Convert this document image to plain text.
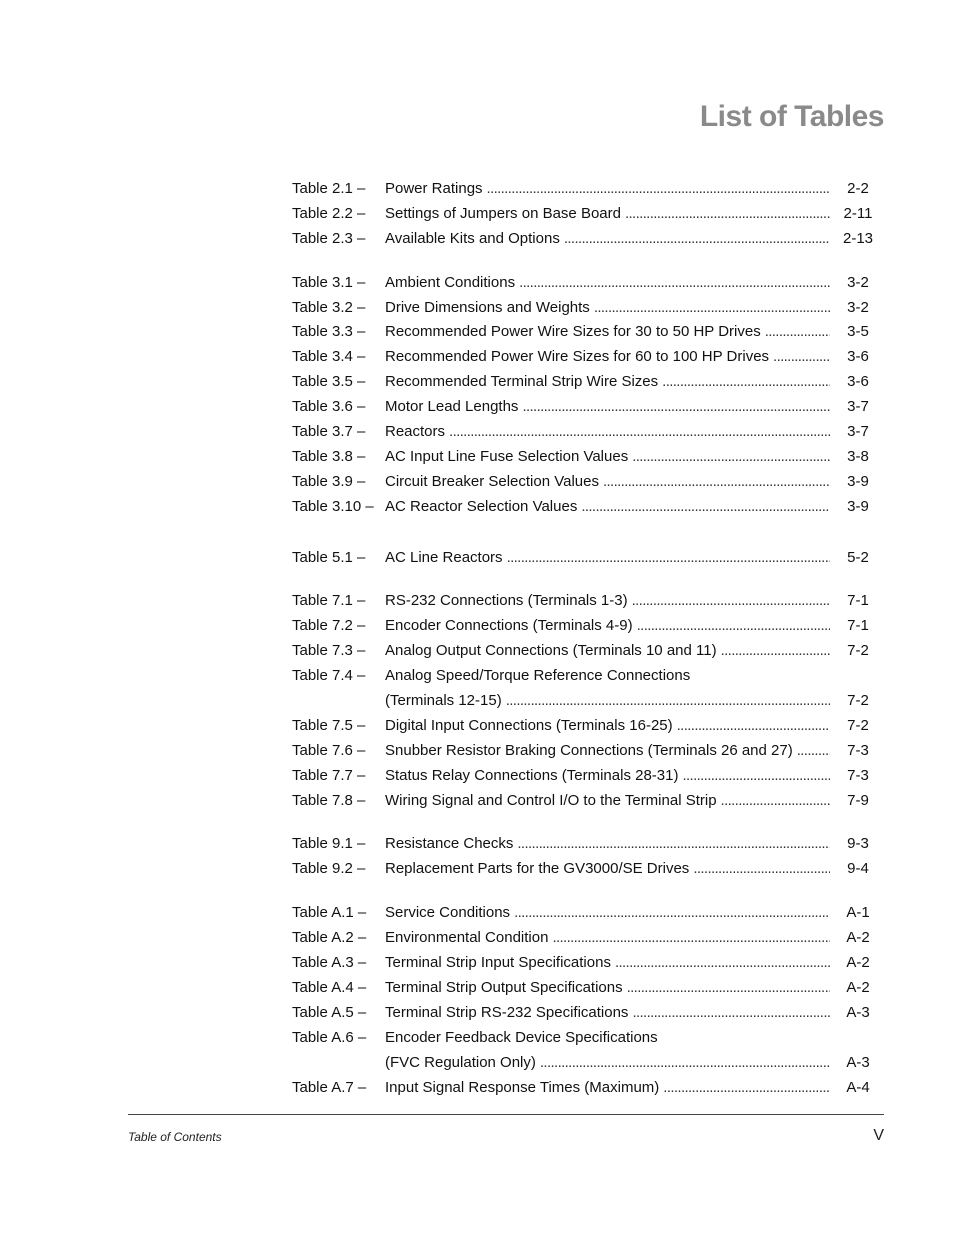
List of Tables
Table 2.1 –	Power Ratings . . .	2-2
Table 2.2 –	Settings of Jumpers on Base Board . . .	2-11
Table 2.3 –	Available Kits and Options . . .	2-13
Table 3.1 –	Ambient Conditions . . .	3-2
Table 3.2 –	Drive Dimensions and Weights . . .	3-2
Table 3.3 –	Recommended Power Wire Sizes for 30 to 50 HP Drives . . .	3-5
Table 3.4 –	Recommended Power Wire Sizes for 60 to 100 HP Drives . . .	3-6
Table 3.5 –	Recommended Terminal Strip Wire Sizes . . .	3-6
Table 3.6 –	Motor Lead Lengths . . .	3-7
Table 3.7 –	Reactors . . .	3-7
Table 3.8 –	AC Input Line Fuse Selection Values . . .	3-8
Table 3.9 –	Circuit Breaker Selection Values . . .	3-9
Table 3.10 – AC Reactor Selection Values . . .	3-9
Table 5.1 –	AC Line Reactors . . .	5-2
Table 7.1 –	RS-232 Connections (Terminals 1-3) . . .	7-1
Table 7.2 –	Encoder Connections (Terminals 4-9) . . .	7-1
Table 7.3 –	Analog Output Connections (Terminals 10 and 11) . . .	7-2
Table 7.4 –	Analog Speed/Torque Reference Connections
(Terminals 12-15) . . .	7-2
Table 7.5 –	Digital Input Connections (Terminals 16-25) . . .	7-2
Table 7.6 –	Snubber Resistor Braking Connections (Terminals 26 and 27) . . .	7-3
Table 7.7 –	Status Relay Connections (Terminals 28-31) . . .	7-3
Table 7.8 –	Wiring Signal and Control I/O to the Terminal Strip . . .	7-9
Table 9.1 –	Resistance Checks . . .	9-3
Table 9.2 –	Replacement Parts for the GV3000/SE Drives . . .	9-4
Table A.1 –	Service Conditions . . .	A-1
Table A.2 –	Environmental Condition . . .	A-2
Table A.3 –	Terminal Strip Input Specifications . . .	A-2
Table A.4 –	Terminal Strip Output Specifications . . .	A-2
Table A.5 –	Terminal Strip RS-232 Specifications . . .	A-3
Table A.6 –	Encoder Feedback Device Specifications
(FVC Regulation Only) . . .	A-3
Table A.7 –	Input Signal Response Times (Maximum) . . .	A-4
Table of Contents	V
